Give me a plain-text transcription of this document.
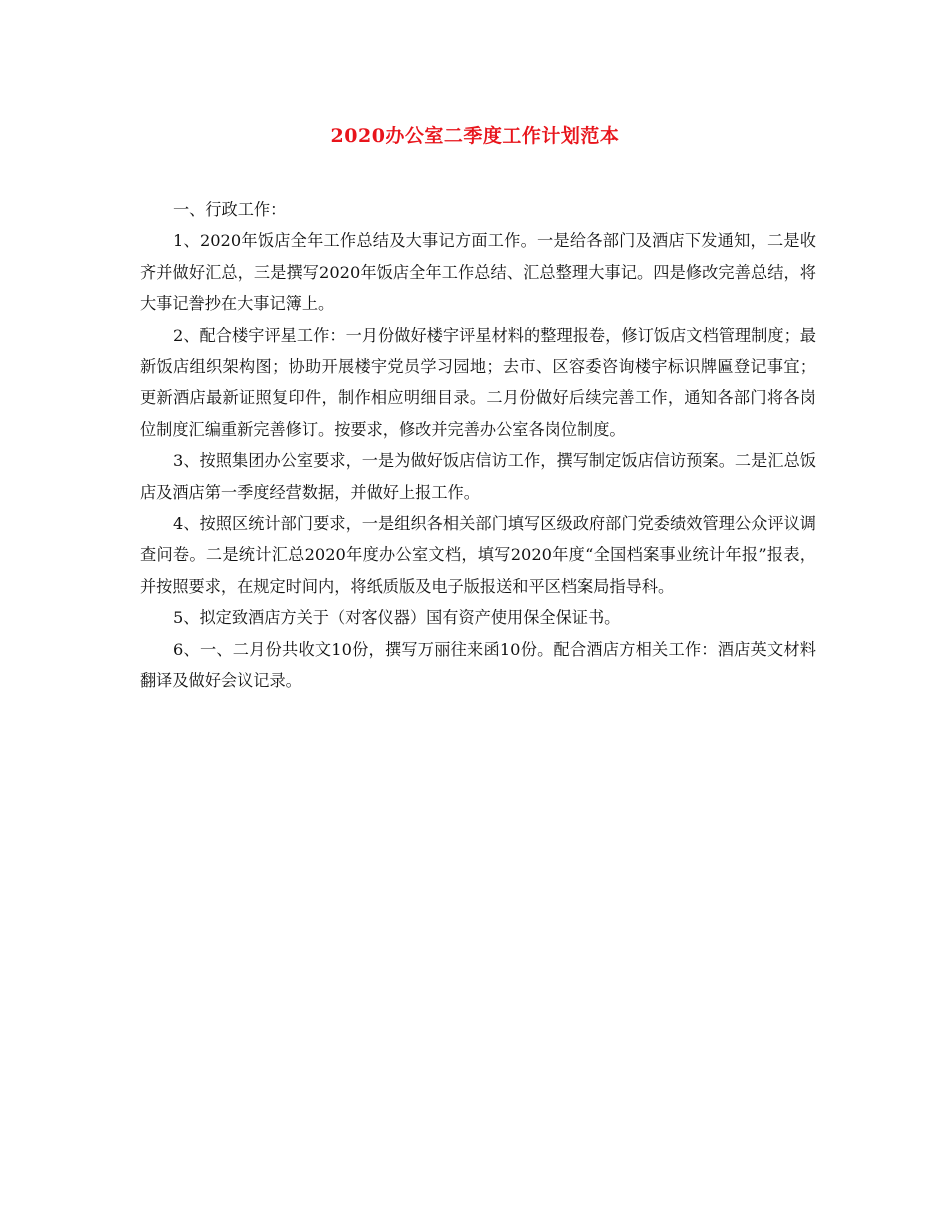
2020办公室二季度工作计划范本

一、行政工作：

1、2020年饭店全年工作总结及大事记方面工作。一是给各部门及酒店下发通知，二是收齐并做好汇总，三是撰写2020年饭店全年工作总结、汇总整理大事记。四是修改完善总结，将大事记誊抄在大事记簿上。

2、配合楼宇评星工作：一月份做好楼宇评星材料的整理报卷，修订饭店文档管理制度；最新饭店组织架构图；协助开展楼宇党员学习园地；去市、区容委咨询楼宇标识牌匾登记事宜；更新酒店最新证照复印件，制作相应明细目录。二月份做好后续完善工作，通知各部门将各岗位制度汇编重新完善修订。按要求，修改并完善办公室各岗位制度。

3、按照集团办公室要求，一是为做好饭店信访工作，撰写制定饭店信访预案。二是汇总饭店及酒店第一季度经营数据，并做好上报工作。

4、按照区统计部门要求，一是组织各相关部门填写区级政府部门党委绩效管理公众评议调查问卷。二是统计汇总2020年度办公室文档，填写2020年度“全国档案事业统计年报”报表，并按照要求，在规定时间内，将纸质版及电子版报送和平区档案局指导科。

5、拟定致酒店方关于（对客仪器）国有资产使用保全保证书。

6、一、二月份共收文10份，撰写万丽往来函10份。配合酒店方相关工作：酒店英文材料翻译及做好会议记录。
